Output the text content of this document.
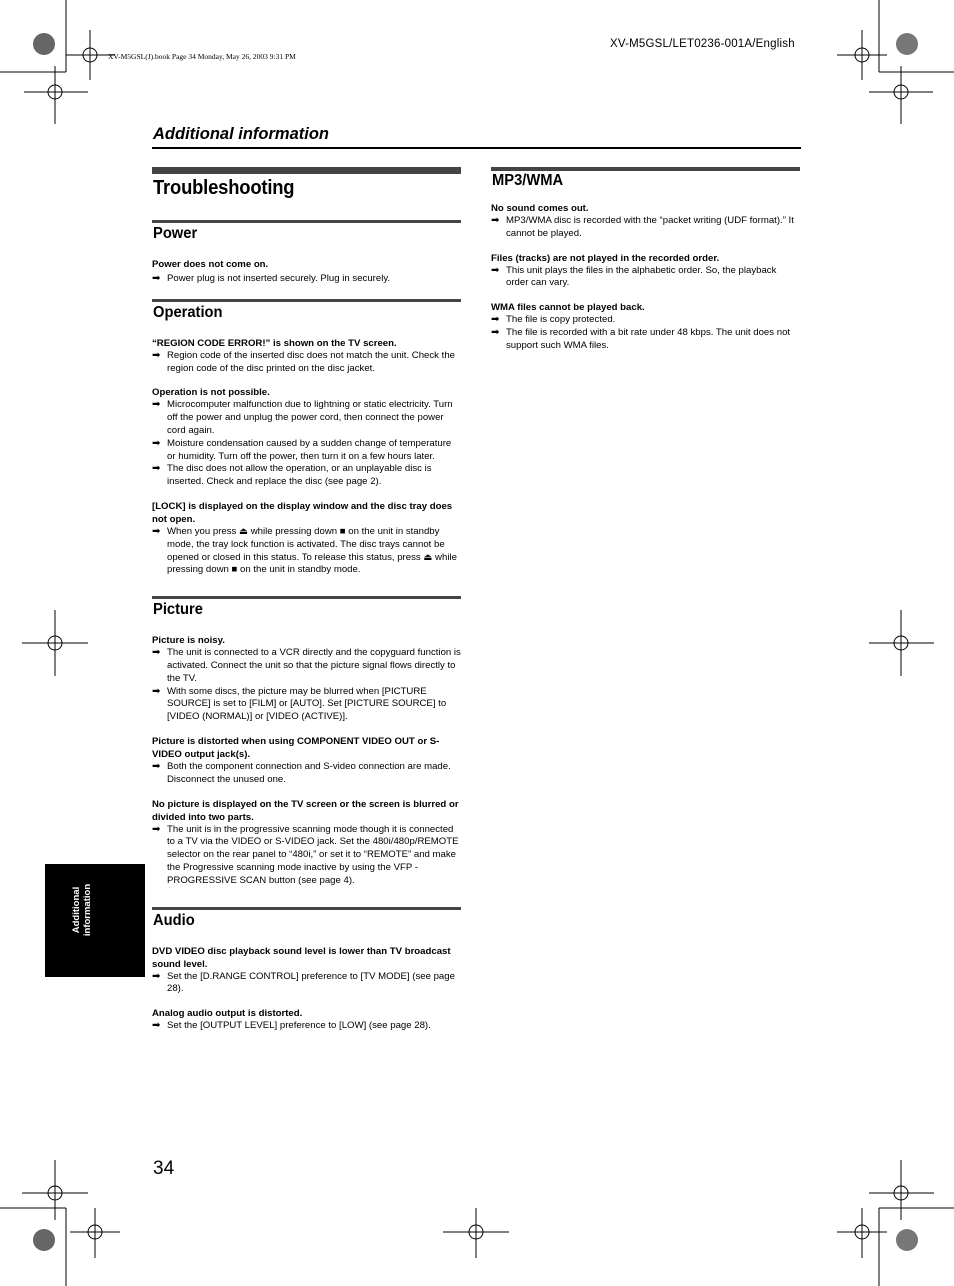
XV-M5GSL/LET0236-001A/English
XV-M5GSL(J).book Page 34 Monday, May 26, 2003 9:31 PM
Additional information
Troubleshooting
Power
Power does not come on.
➡ Power plug is not inserted securely. Plug in securely.
Operation
“REGION CODE ERROR!” is shown on the TV screen.
➡ Region code of the inserted disc does not match the unit. Check the region code of the disc printed on the disc jacket.
Operation is not possible.
➡ Microcomputer malfunction due to lightning or static electricity. Turn off the power and unplug the power cord, then connect the power cord again.
➡ Moisture condensation caused by a sudden change of temperature or humidity. Turn off the power, then turn it on a few hours later.
➡ The disc does not allow the operation, or an unplayable disc is inserted. Check and replace the disc (see page 2).
[LOCK] is displayed on the display window and the disc tray does not open.
➡ When you press ⏏ while pressing down ■ on the unit in standby mode, the tray lock function is activated. The disc trays cannot be opened or closed in this status. To release this status, press ⏏ while pressing down ■ on the unit in standby mode.
Picture
Picture is noisy.
➡ The unit is connected to a VCR directly and the copyguard function is activated. Connect the unit so that the picture signal flows directly to the TV.
➡ With some discs, the picture may be blurred when [PICTURE SOURCE] is set to [FILM] or [AUTO]. Set [PICTURE SOURCE] to [VIDEO (NORMAL)] or [VIDEO (ACTIVE)].
Picture is distorted when using COMPONENT VIDEO OUT or S-VIDEO output jack(s).
➡ Both the component connection and S-video connection are made. Disconnect the unused one.
No picture is displayed on the TV screen or the screen is blurred or divided into two parts.
➡ The unit is in the progressive scanning mode though it is connected to a TV via the VIDEO or S-VIDEO jack. Set the 480i/480p/REMOTE selector on the rear panel to “480i,” or set it to “REMOTE” and make the Progressive scanning mode inactive by using the VFP - PROGRESSIVE SCAN button (see page 4).
Audio
DVD VIDEO disc playback sound level is lower than TV broadcast sound level.
➡ Set the [D.RANGE CONTROL] preference to [TV MODE] (see page 28).
Analog audio output is distorted.
➡ Set the [OUTPUT LEVEL] preference to [LOW] (see page 28).
MP3/WMA
No sound comes out.
➡ MP3/WMA disc is recorded with the “packet writing (UDF format).” It cannot be played.
Files (tracks) are not played in the recorded order.
➡ This unit plays the files in the alphabetic order. So, the playback order can vary.
WMA files cannot be played back.
➡ The file is copy protected.
➡ The file is recorded with a bit rate under 48 kbps. The unit does not support such WMA files.
Additional information
34
